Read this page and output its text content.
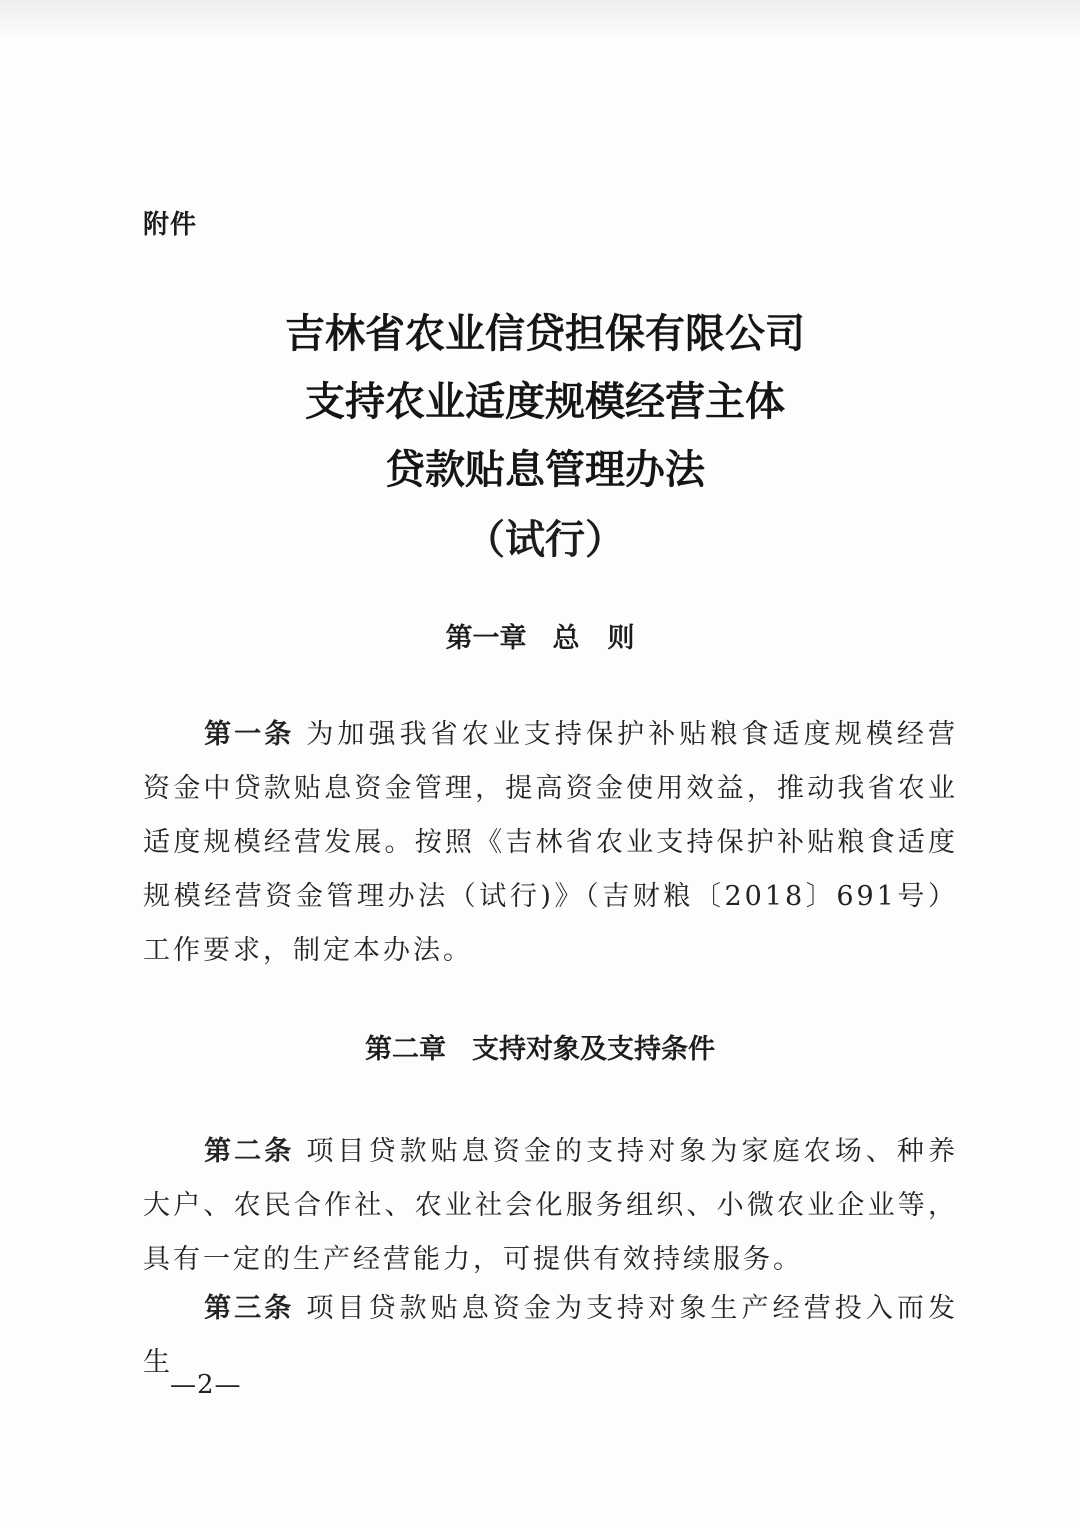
附件
吉林省农业信贷担保有限公司
支持农业适度规模经营主体
贷款贴息管理办法
（试行）
第一章 总 则
第一条 为加强我省农业支持保护补贴粮食适度规模经营资金中贷款贴息资金管理，提高资金使用效益，推动我省农业适度规模经营发展。按照《吉林省农业支持保护补贴粮食适度规模经营资金管理办法（试行)》（吉财粮〔2018〕691号）工作要求，制定本办法。
第二章 支持对象及支持条件
第二条 项目贷款贴息资金的支持对象为家庭农场、种养大户、农民合作社、农业社会化服务组织、小微农业企业等，具有一定的生产经营能力，可提供有效持续服务。
第三条 项目贷款贴息资金为支持对象生产经营投入而发生
—2—
